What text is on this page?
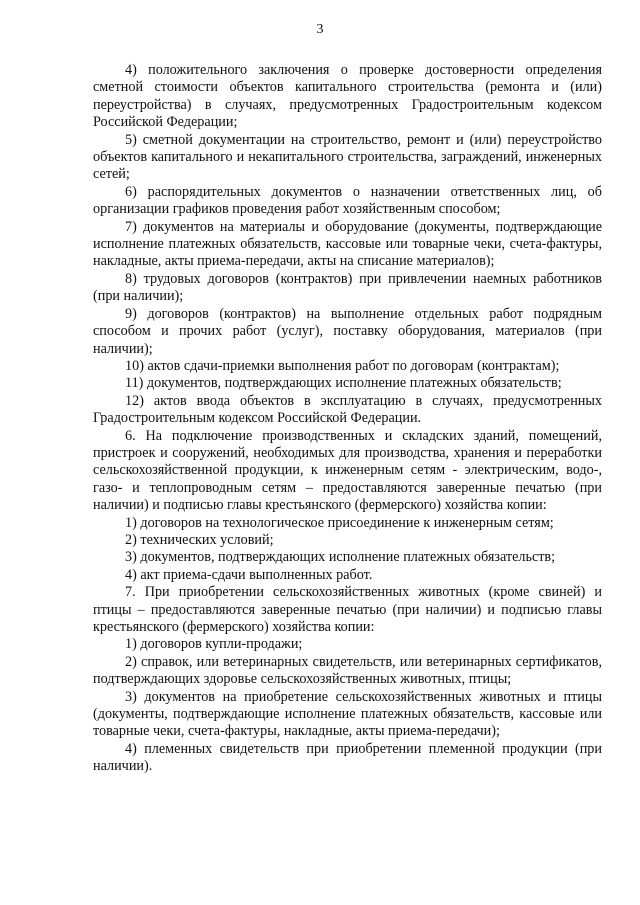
3

4) положительного заключения о проверке достоверности определения сметной стоимости объектов капитального строительства (ремонта и (или) переустройства) в случаях, предусмотренных Градостроительным кодексом Российской Федерации;

5) сметной документации на строительство, ремонт и (или) переустройство объектов капитального и некапитального строительства, заграждений, инженерных сетей;

6) распорядительных документов о назначении ответственных лиц, об организации графиков проведения работ хозяйственным способом;

7) документов на материалы и оборудование (документы, подтверждающие исполнение платежных обязательств, кассовые или товарные чеки, счета-фактуры, накладные, акты приема-передачи, акты на списание материалов);

8) трудовых договоров (контрактов) при привлечении наемных работников (при наличии);

9) договоров (контрактов) на выполнение отдельных работ подрядным способом и прочих работ (услуг), поставку оборудования, материалов (при наличии);

10) актов сдачи-приемки выполнения работ по договорам (контрактам);

11) документов, подтверждающих исполнение платежных обязательств;

12) актов ввода объектов в эксплуатацию в случаях, предусмотренных Градостроительным кодексом Российской Федерации.

6. На подключение производственных и складских зданий, помещений, пристроек и сооружений, необходимых для производства, хранения и переработки сельскохозяйственной продукции, к инженерным сетям - электрическим, водо-, газо- и теплопроводным сетям – предоставляются заверенные печатью (при наличии) и подписью главы крестьянского (фермерского) хозяйства копии:

1) договоров на технологическое присоединение к инженерным сетям;

2) технических условий;

3) документов, подтверждающих исполнение платежных обязательств;

4) акт приема-сдачи выполненных работ.

7. При приобретении сельскохозяйственных животных (кроме свиней) и птицы – предоставляются заверенные печатью (при наличии) и подписью главы крестьянского (фермерского) хозяйства копии:

1) договоров купли-продажи;

2) справок, или ветеринарных свидетельств, или ветеринарных сертификатов, подтверждающих здоровье сельскохозяйственных животных, птицы;

3) документов на приобретение сельскохозяйственных животных и птицы (документы, подтверждающие исполнение платежных обязательств, кассовые или товарные чеки, счета-фактуры, накладные, акты приема-передачи);

4) племенных свидетельств при приобретении племенной продукции (при наличии).
